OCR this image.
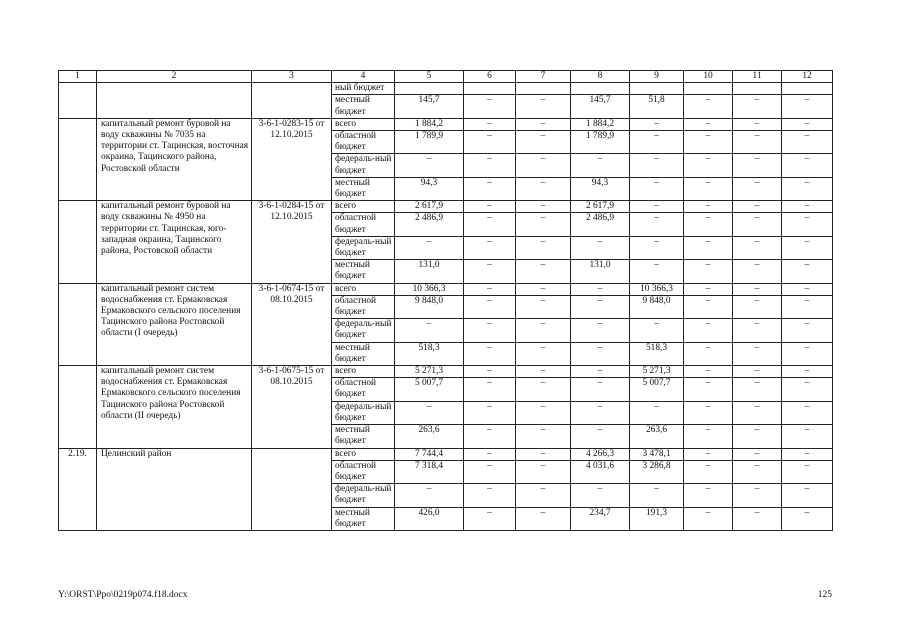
1	2	3	4	5	6	7	8	9	10	11	12
			ный бюджет								
			местный бюджет	145,7	–	–	145,7	51,8	–	–	–
	капитальный ремонт буровой на воду скважины № 7035 на территории ст. Тацинская, восточная окраина, Тацинского района, Ростовской области	3-6-1-0283-15 от 12.10.2015	всего	1 884,2	–	–	1 884,2	–	–	–	–
			областной бюджет	1 789,9	–	–	1 789,9	–	–	–	–
			федераль-ный бюджет	–	–	–	–	–	–	–	–
			местный бюджет	94,3	–	–	94,3	–	–	–	–
	капитальный ремонт буровой на воду скважины № 4950 на территории ст. Тацинская, юго-западная окраина, Тацинского района, Ростовской области	3-6-1-0284-15 от 12.10.2015	всего	2 617,9	–	–	2 617,9	–	–	–	–
			областной бюджет	2 486,9	–	–	2 486,9	–	–	–	–
			федераль-ный бюджет	–	–	–	–	–	–	–	–
			местный бюджет	131,0	–	–	131,0	–	–	–	–
	капитальный ремонт систем водоснабжения ст. Ермаковская Ермаковского сельского поселения Тацинского района Ростовской области (I очередь)	3-6-1-0674-15 от 08.10.2015	всего	10 366,3	–	–	–	10 366,3	–	–	–
			областной бюджет	9 848,0	–	–	–	9 848,0	–	–	–
			федераль-ный бюджет	–	–	–	–	–	–	–	–
			местный бюджет	518,3	–	–	–	518,3	–	–	–
	капитальный ремонт систем водоснабжения ст. Ермаковская Ермаковского сельского поселения Тацинского района Ростовской области (II очередь)	3-6-1-0675-15 от 08.10.2015	всего	5 271,3	–	–	–	5 271,3	–	–	–
			областной бюджет	5 007,7	–	–	–	5 007,7	–	–	–
			федераль-ный бюджет	–	–	–	–	–	–	–	–
			местный бюджет	263,6	–	–	–	263,6	–	–	–
2.19.	Целинский район		всего	7 744,4	–	–	4 266,3	3 478,1	–	–	–
			областной бюджет	7 318,4	–	–	4 031,6	3 286,8	–	–	–
			федераль-ный бюджет	–	–	–	–	–	–	–	–
			местный бюджет	426,0	–	–	234,7	191,3	–	–	–
Y:\ORST\Ppo\0219p074.f18.docx	125
